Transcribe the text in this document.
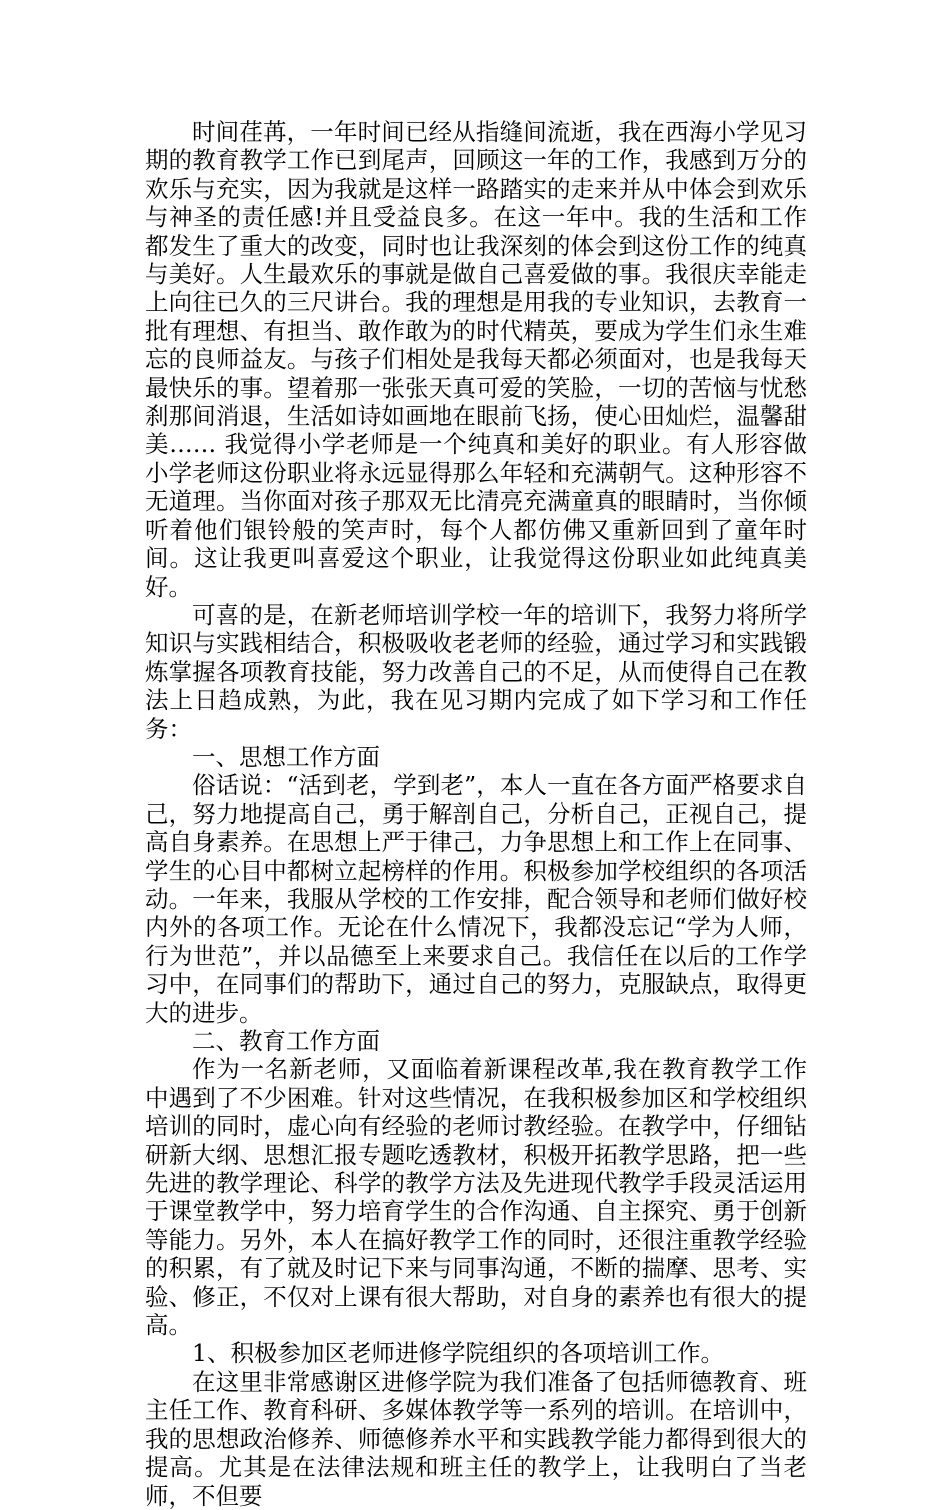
时间荏苒，一年时间已经从指缝间流逝，我在西海小学见习期的教育教学工作已到尾声，回顾这一年的工作，我感到万分的欢乐与充实，因为我就是这样一路踏实的走来并从中体会到欢乐与神圣的责任感!并且受益良多。在这一年中。我的生活和工作都发生了重大的改变，同时也让我深刻的体会到这份工作的纯真与美好。人生最欢乐的事就是做自己喜爱做的事。我很庆幸能走上向往已久的三尺讲台。我的理想是用我的专业知识，去教育一批有理想、有担当、敢作敢为的时代精英，要成为学生们永生难忘的良师益友。与孩子们相处是我每天都必须面对，也是我每天最快乐的事。望着那一张张天真可爱的笑脸，一切的苦恼与忧愁刹那间消退，生活如诗如画地在眼前飞扬，使心田灿烂，温馨甜美…… 我觉得小学老师是一个纯真和美好的职业。有人形容做小学老师这份职业将永远显得那么年轻和充满朝气。这种形容不无道理。当你面对孩子那双无比清亮充满童真的眼睛时，当你倾听着他们银铃般的笑声时，每个人都仿佛又重新回到了童年时间。这让我更叫喜爱这个职业，让我觉得这份职业如此纯真美好。

可喜的是，在新老师培训学校一年的培训下，我努力将所学知识与实践相结合，积极吸收老老师的经验，通过学习和实践锻炼掌握各项教育技能，努力改善自己的不足，从而使得自己在教法上日趋成熟，为此，我在见习期内完成了如下学习和工作任务：

一、思想工作方面

俗话说：“活到老，学到老”，本人一直在各方面严格要求自己，努力地提高自己，勇于解剖自己，分析自己，正视自己，提高自身素养。在思想上严于律己，力争思想上和工作上在同事、学生的心目中都树立起榜样的作用。积极参加学校组织的各项活动。一年来，我服从学校的工作安排，配合领导和老师们做好校内外的各项工作。无论在什么情况下，我都没忘记“学为人师，行为世范”，并以品德至上来要求自己。我信任在以后的工作学习中，在同事们的帮助下，通过自己的努力，克服缺点，取得更大的进步。

二、教育工作方面

作为一名新老师，又面临着新课程改革,我在教育教学工作中遇到了不少困难。针对这些情况，在我积极参加区和学校组织培训的同时，虚心向有经验的老师讨教经验。在教学中，仔细钻研新大纲、思想汇报专题吃透教材，积极开拓教学思路，把一些先进的教学理论、科学的教学方法及先进现代教学手段灵活运用于课堂教学中，努力培育学生的合作沟通、自主探究、勇于创新等能力。另外，本人在搞好教学工作的同时，还很注重教学经验的积累，有了就及时记下来与同事沟通，不断的揣摩、思考、实验、修正，不仅对上课有很大帮助，对自身的素养也有很大的提高。

1、积极参加区老师进修学院组织的各项培训工作。

在这里非常感谢区进修学院为我们准备了包括师德教育、班主任工作、教育科研、多媒体教学等一系列的培训。在培训中，我的思想政治修养、师德修养水平和实践教学能力都得到很大的提高。尤其是在法律法规和班主任的教学上，让我明白了当老师，不但要
